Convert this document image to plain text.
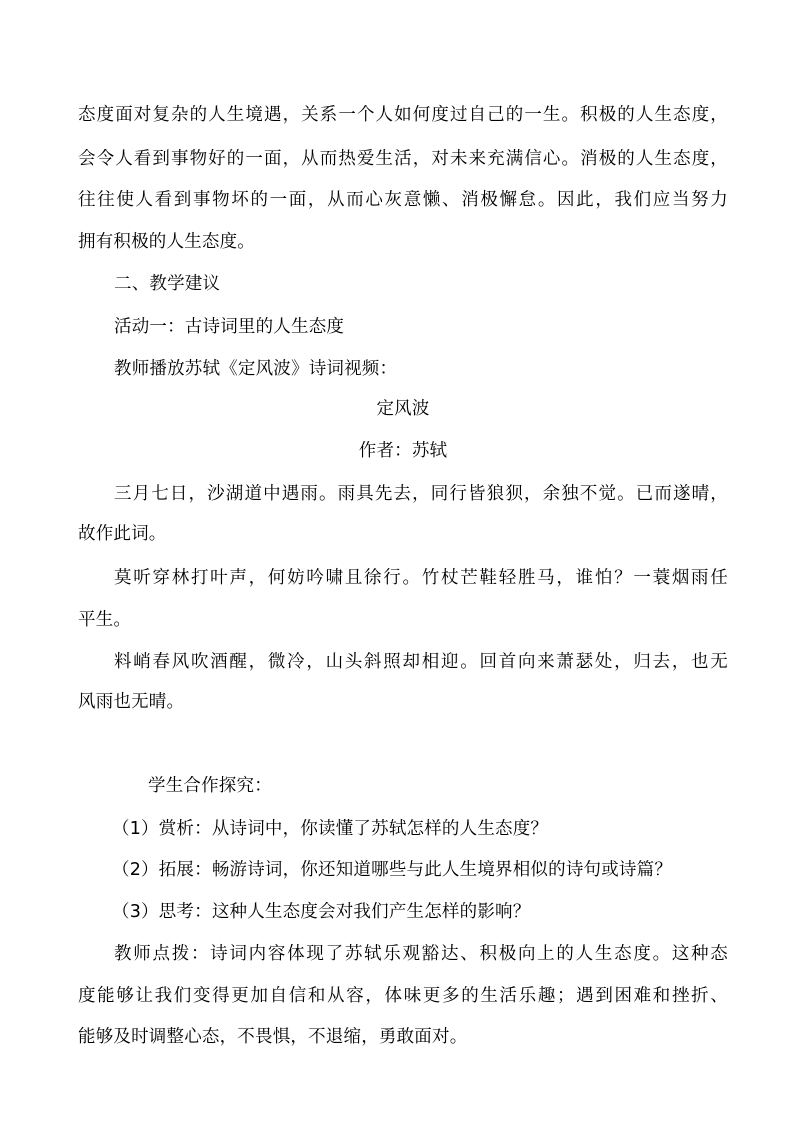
态度面对复杂的人生境遇，关系一个人如何度过自己的一生。积极的人生态度，
会令人看到事物好的一面，从而热爱生活，对未来充满信心。消极的人生态度，
往往使人看到事物坏的一面，从而心灰意懒、消极懈怠。因此，我们应当努力
拥有积极的人生态度。
二、教学建议
活动一：古诗词里的人生态度
教师播放苏轼《定风波》诗词视频：
定风波
作者：苏轼
三月七日，沙湖道中遇雨。雨具先去，同行皆狼狈，余独不觉。已而遂晴，
故作此词。
莫听穿林打叶声，何妨吟啸且徐行。竹杖芒鞋轻胜马，谁怕？一蓑烟雨任
平生。
料峭春风吹酒醒，微冷，山头斜照却相迎。回首向来萧瑟处，归去，也无
风雨也无晴。
学生合作探究：
（1）赏析：从诗词中，你读懂了苏轼怎样的人生态度？
（2）拓展：畅游诗词，你还知道哪些与此人生境界相似的诗句或诗篇？
（3）思考：这种人生态度会对我们产生怎样的影响？
教师点拨：诗词内容体现了苏轼乐观豁达、积极向上的人生态度。这种态
度能够让我们变得更加自信和从容，体味更多的生活乐趣；遇到困难和挫折、
能够及时调整心态，不畏惧，不退缩，勇敢面对。
